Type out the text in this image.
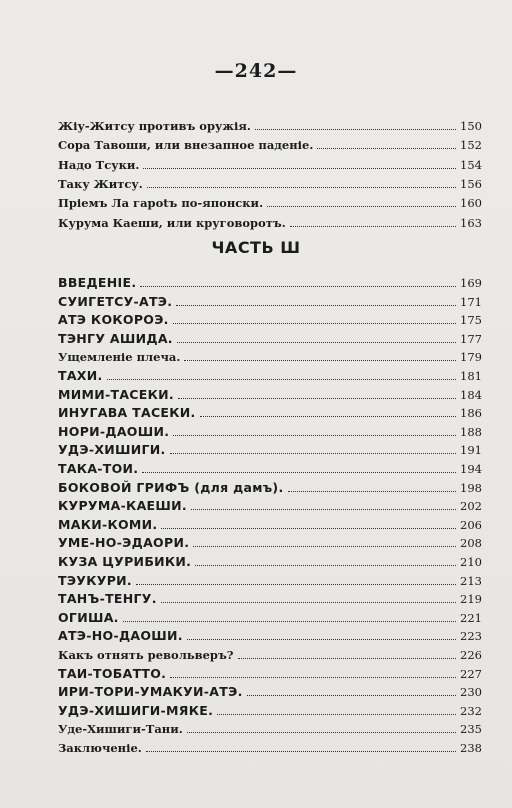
—242—
Жіу-Житсу противъ оружія.	150
Сора Тавоши, или внезапное паденіе.	152
Надо Тсуки.	154
Таку Житсу.	156
Пріемъ Ла гарotъ по-японски.	160
Курума Каеши, или круговоротъ.	163
ЧАСТЬ Ш
ВВЕДЕНІЕ.	169
СУИГЕТСУ-АТЭ.	171
АТЭ КОКОРОЭ.	175
ТЭНГУ АШИДА.	177
Ущемленіе плеча.	179
ТАХИ.	181
МИМИ-ТАСЕКИ.	184
ИНУГАВА ТАСЕКИ.	186
НОРИ-ДАОШИ.	188
УДЭ-ХИШИГИ.	191
ТАКА-ТОИ.	194
БОКОВОЙ ГРИФЪ (для дамъ).	198
КУРУМА-КАЕШИ.	202
МАКИ-КОМИ.	206
УМЕ-НО-ЭДАОРИ.	208
КУЗА ЦУРИБИКИ.	210
ТЭУКУРИ.	213
ТАНЪ-ТЕНГУ.	219
ОГИША.	221
АТЭ-НО-ДАОШИ.	223
Какъ отнять револьверъ?	226
ТАИ-ТОБАТТО.	227
ИРИ-ТОРИ-УМАКУИ-АТЭ.	230
УДЭ-ХИШИГИ-МЯКЕ.	232
Уде-Хишиги-Тани.	235
Заключеніе.	238
